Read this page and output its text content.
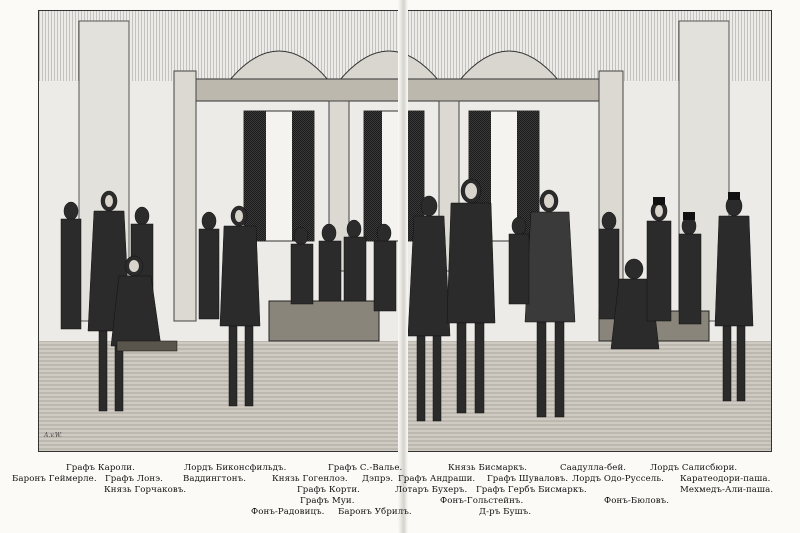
A.v.W.
Графъ Кароли.	Лордъ Биконсфильдъ.	Графъ С.-Валье.	Князь Бисмаркъ.	Саадулла-бей.	Лордъ Салисбюри.
Баронъ Геймерле. Графъ Лонэ. Ваддингтонъ.	Князь Гогенлоэ. Дэпрэ. Графъ Андраши. Графъ Шуваловъ. Лордъ Одо-Руссель. Каратеодори-паша.
Князь Горчаковъ.	Графъ Корти.	Лотаръ Бухеръ. Графъ Гербъ Бисмаркъ.	Мехмедъ-Али-паша.
Графъ Муи.	Фонъ-Гольстейнъ.	Фонъ-Бюловъ.
Фонъ-Радовицъ. Баронъ Убрилъ.	Д-ръ Бушъ.
